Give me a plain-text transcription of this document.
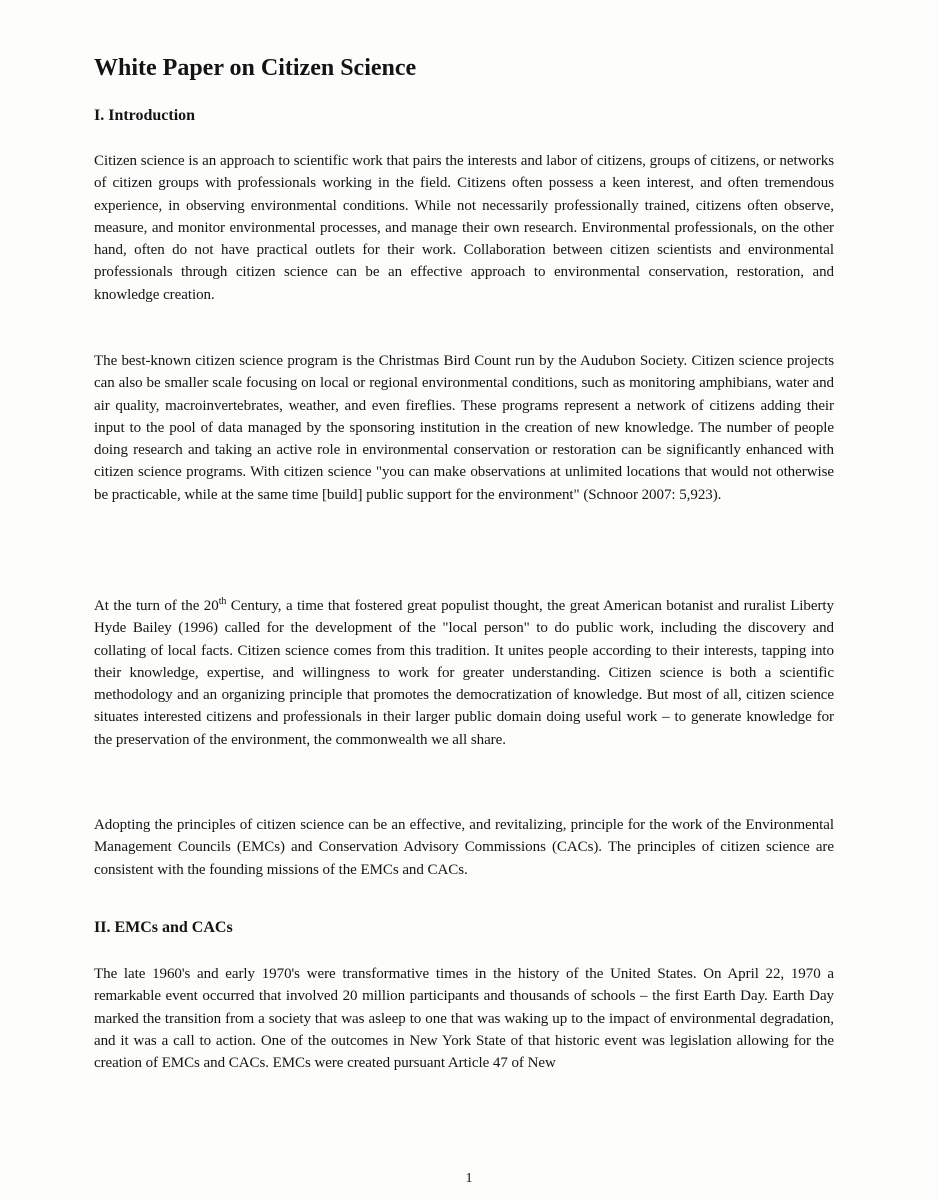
White Paper on Citizen Science
I. Introduction

Citizen science is an approach to scientific work that pairs the interests and labor of citizens, groups of citizens, or networks of citizen groups with professionals working in the field. Citizens often possess a keen interest, and often tremendous experience, in observing environmental conditions. While not necessarily professionally trained, citizens often observe, measure, and monitor environmental processes, and manage their own research. Environmental professionals, on the other hand, often do not have practical outlets for their work. Collaboration between citizen scientists and environmental professionals through citizen science can be an effective approach to environmental conservation, restoration, and knowledge creation.

The best-known citizen science program is the Christmas Bird Count run by the Audubon Society. Citizen science projects can also be smaller scale focusing on local or regional environmental conditions, such as monitoring amphibians, water and air quality, macroinvertebrates, weather, and even fireflies. These programs represent a network of citizens adding their input to the pool of data managed by the sponsoring institution in the creation of new knowledge. The number of people doing research and taking an active role in environmental conservation or restoration can be significantly enhanced with citizen science programs. With citizen science "you can make observations at unlimited locations that would not otherwise be practicable, while at the same time [build] public support for the environment" (Schnoor 2007: 5,923).

At the turn of the 20th Century, a time that fostered great populist thought, the great American botanist and ruralist Liberty Hyde Bailey (1996) called for the development of the "local person" to do public work, including the discovery and collating of local facts. Citizen science comes from this tradition. It unites people according to their interests, tapping into their knowledge, expertise, and willingness to work for greater understanding. Citizen science is both a scientific methodology and an organizing principle that promotes the democratization of knowledge. But most of all, citizen science situates interested citizens and professionals in their larger public domain doing useful work – to generate knowledge for the preservation of the environment, the commonwealth we all share.

Adopting the principles of citizen science can be an effective, and revitalizing, principle for the work of the Environmental Management Councils (EMCs) and Conservation Advisory Commissions (CACs). The principles of citizen science are consistent with the founding missions of the EMCs and CACs.

II. EMCs and CACs

The late 1960's and early 1970's were transformative times in the history of the United States. On April 22, 1970 a remarkable event occurred that involved 20 million participants and thousands of schools – the first Earth Day. Earth Day marked the transition from a society that was asleep to one that was waking up to the impact of environmental degradation, and it was a call to action. One of the outcomes in New York State of that historic event was legislation allowing for the creation of EMCs and CACs. EMCs were created pursuant Article 47 of New

1
